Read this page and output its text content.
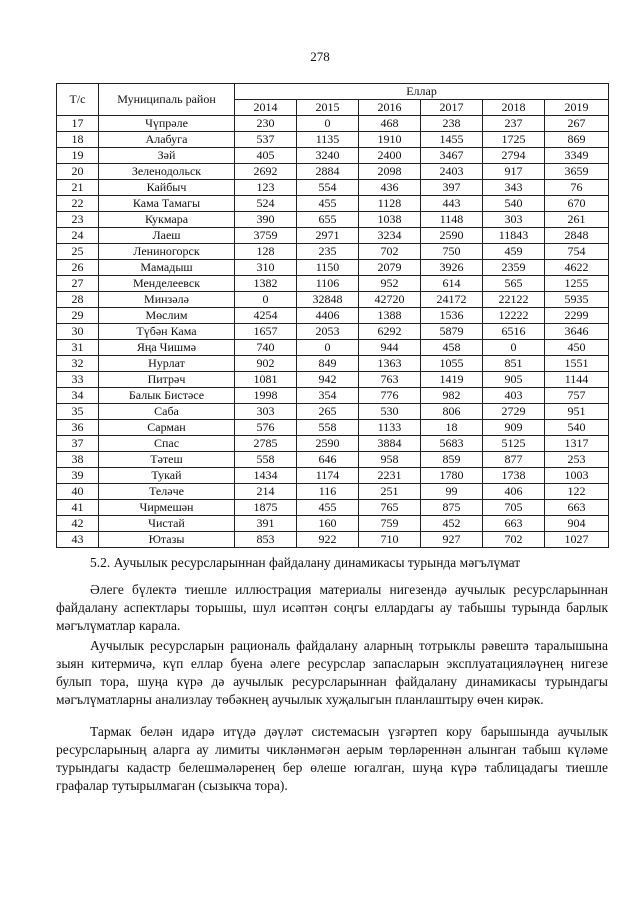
278
Т/с	Муниципаль район	Еллар					
		2014	2015	2016	2017	2018	2019
17	Чүпрәле	230	0	468	238	237	267
18	Алабуга	537	1135	1910	1455	1725	869
19	Зәй	405	3240	2400	3467	2794	3349
20	Зеленодольск	2692	2884	2098	2403	917	3659
21	Кайбыч	123	554	436	397	343	76
22	Кама Тамагы	524	455	1128	443	540	670
23	Кукмара	390	655	1038	1148	303	261
24	Лаеш	3759	2971	3234	2590	11843	2848
25	Лениногорск	128	235	702	750	459	754
26	Мамадыш	310	1150	2079	3926	2359	4622
27	Менделеевск	1382	1106	952	614	565	1255
28	Минзәлә	0	32848	42720	24172	22122	5935
29	Мөслим	4254	4406	1388	1536	12222	2299
30	Түбән Кама	1657	2053	6292	5879	6516	3646
31	Яңа Чишмә	740	0	944	458	0	450
32	Нурлат	902	849	1363	1055	851	1551
33	Питрәч	1081	942	763	1419	905	1144
34	Балык Бистәсе	1998	354	776	982	403	757
35	Саба	303	265	530	806	2729	951
36	Сарман	576	558	1133	18	909	540
37	Спас	2785	2590	3884	5683	5125	1317
38	Тәтеш	558	646	958	859	877	253
39	Тукай	1434	1174	2231	1780	1738	1003
40	Теләче	214	116	251	99	406	122
41	Чирмешән	1875	455	765	875	705	663
42	Чистай	391	160	759	452	663	904
43	Ютазы	853	922	710	927	702	1027
5.2. Аучылык ресурсларыннан файдалану динамикасы турында мәгълүмат

Әлеге бүлектә тиешле иллюстрация материалы нигезендә аучылык ресурсларыннан файдалану аспектлары торышы, шул исәптән соңгы еллардагы ау табышы турында барлык мәгълүматлар карала.

Аучылык ресурсларын рациональ файдалану аларның тотрыклы рәвештә таралышына зыян китермичә, күп еллар буена әлеге ресурслар запасларын эксплуатацияләүнең нигезе булып тора, шуңа күрә дә аучылык ресурсларыннан файдалану динамикасы турындагы мәгълүматларны анализлау төбәкнең аучылык хуҗалыгын планлаштыру өчен кирәк.

Тармак белән идарә итүдә дәүләт системасын үзгәртеп кору барышында аучылык ресурсларының аларга ау лимиты чикләнмәгән аерым төрләреннән алынган табыш күләме турындагы кадастр белешмәләренең бер өлеше югалган, шуңа күрә таблицадагы тиешле графалар тутырылмаган (сызыкча тора).
